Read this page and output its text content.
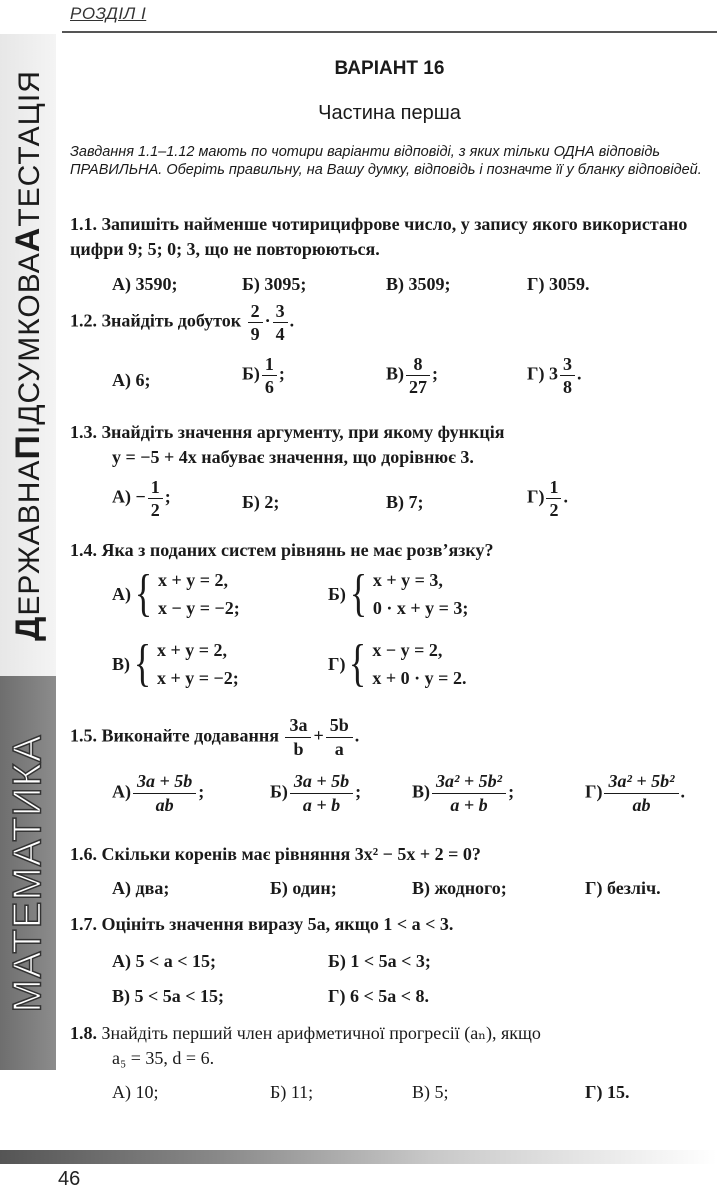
РОЗДІЛ І
ДЕРЖАВНАПІДСУМКОВААТЕСТАЦІЯ
МАТЕМАТИКА
ВАРІАНТ 16
Частина перша
Завдання 1.1–1.12 мають по чотири варіанти відповіді, з яких тільки ОДНА відповідь ПРАВИЛЬНА. Оберіть правильну, на Вашу думку, відповідь і позначте її у бланку відповідей.
1.1. Запишіть найменше чотирицифрове число, у запису якого використано цифри 9; 5; 0; 3, що не повторюються.
А) 3590;	Б) 3095;	В) 3509;	Г) 3059.
1.2. Знайдіть добуток $\frac{2}{9} \cdot \frac{3}{4}$ .
А) 6;	$Б) \frac{1}{6}$ ;	$В) \frac{8}{27}$ ;	Г) $3 \frac{3}{8}$ .
1.3. Знайдіть значення аргументу, при якому функція
y = −5 + 4x набуває значення, що дорівнює 3.
$А) - \frac{1}{2}$ ;	Б) 2;	В) 7;	$Г) \frac{1}{2}$ .
1.4. Яка з поданих систем рівнянь не має розв’язку?
А) { x + y = 2,
x − y = −2;
Б) { x + y = 3,
0 · x + y = 3;
В) { x + y = 2,
x + y = −2;
Г) { x − y = 2,
x + 0 · y = 2.
1.5. Виконайте додавання $\frac{3a}{b} + \frac{5b}{a}$ .
$А) \frac{3a + 5b}{ab}$ ;	$Б) \frac{3a + 5b}{a + b}$ ;	$В) \frac{\text{3a² + 5b²}}{a + b}$ ;	$Г) \frac{\text{3a² + 5b²}}{ab}$ .
1.6. Скільки коренів має рівняння 3x² − 5x + 2 = 0?
А) два;	Б) один;	В) жодного;	Г) безліч.
1.7. Оцініть значення виразу 5a, якщо 1 < a < 3.
А) 5 < a < 15;	Б) 1 < 5a < 3;
В) 5 < 5a < 15;	Г) 6 < 5a < 8.
1.8. Знайдіть перший член арифметичної прогресії (aₙ), якщо
a₅ = 35, d = 6.
А) 10;	Б) 11;	В) 5;	Г) 15.
46
